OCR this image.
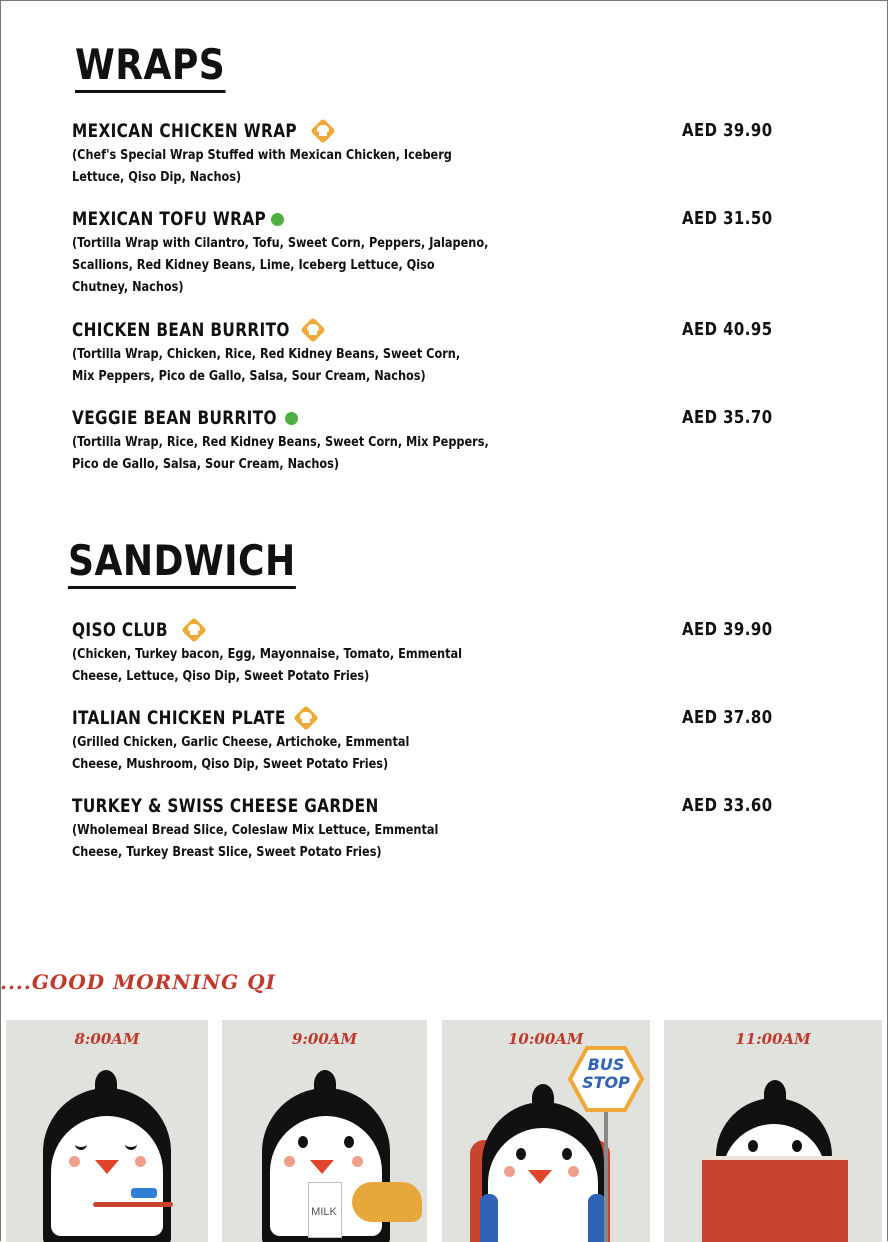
WRAPS
MEXICAN CHICKEN WRAP	AED 39.90
(Chef's Special Wrap Stuffed with Mexican Chicken, Iceberg Lettuce, Qiso Dip, Nachos)
MEXICAN TOFU WRAP	AED 31.50
(Tortilla Wrap with Cilantro, Tofu, Sweet Corn, Peppers, Jalapeno, Scallions, Red Kidney Beans, Lime, Iceberg Lettuce, Qiso Chutney, Nachos)
CHICKEN BEAN BURRITO	AED 40.95
(Tortilla Wrap, Chicken, Rice, Red Kidney Beans, Sweet Corn, Mix Peppers, Pico de Gallo, Salsa, Sour Cream, Nachos)
VEGGIE BEAN BURRITO	AED 35.70
(Tortilla Wrap, Rice, Red Kidney Beans, Sweet Corn, Mix Peppers, Pico de Gallo, Salsa, Sour Cream, Nachos)
SANDWICH
QISO CLUB	AED 39.90
(Chicken, Turkey bacon, Egg, Mayonnaise, Tomato, Emmental Cheese, Lettuce, Qiso Dip, Sweet Potato Fries)
ITALIAN CHICKEN PLATE	AED 37.80
(Grilled Chicken, Garlic Cheese, Artichoke, Emmental Cheese, Mushroom, Qiso Dip, Sweet Potato Fries)
TURKEY & SWISS CHEESE GARDEN	AED 33.60
(Wholemeal Bread Slice, Coleslaw Mix Lettuce, Emmental Cheese, Turkey Breast Slice, Sweet Potato Fries)
....GOOD MORNING QI
8:00AM	9:00AM
MILK
10:00AM
BUS
STOP
11:00AM
